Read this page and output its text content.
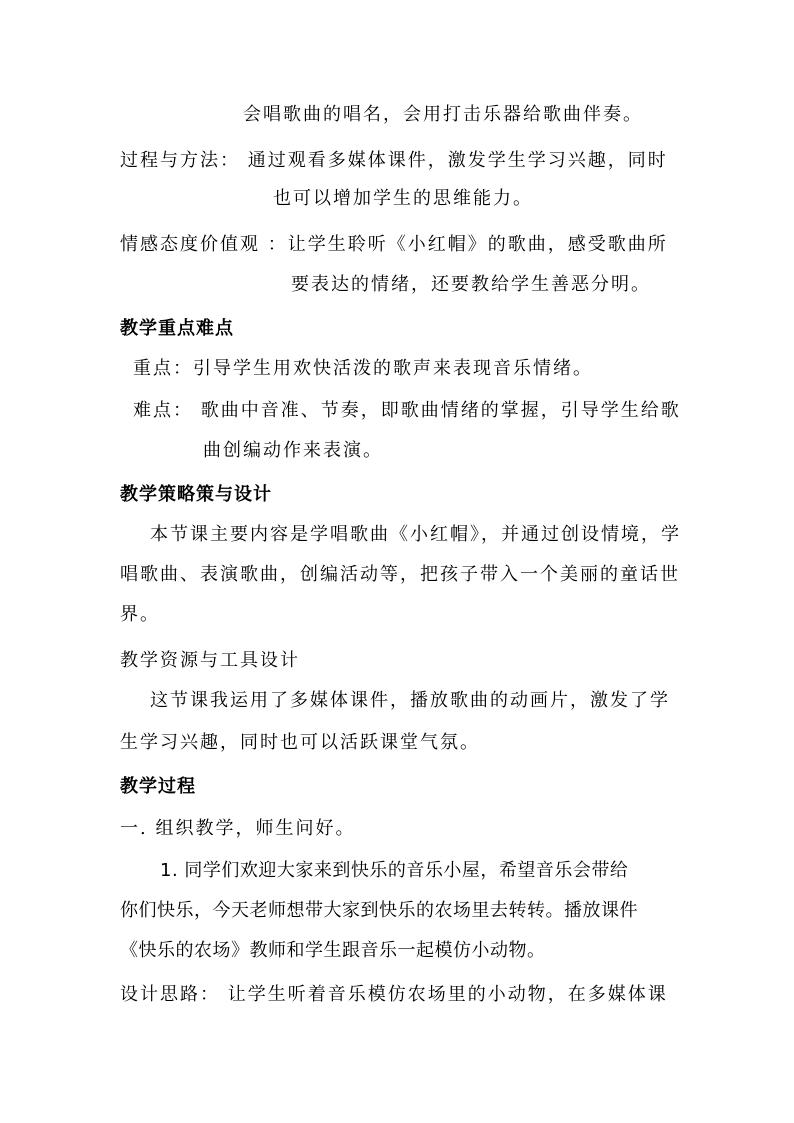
会唱歌曲的唱名，会用打击乐器给歌曲伴奏。
过程与方法： 通过观看多媒体课件，激发学生学习兴趣，同时
也可以增加学生的思维能力。
情感态度价值观 ：让学生聆听《小红帽》的歌曲，感受歌曲所
要表达的情绪，还要教给学生善恶分明。
教学重点难点
重点：引导学生用欢快活泼的歌声来表现音乐情绪。
难点： 歌曲中音准、节奏，即歌曲情绪的掌握，引导学生给歌
曲创编动作来表演。
教学策略策与设计
本节课主要内容是学唱歌曲《小红帽》，并通过创设情境，学
唱歌曲、表演歌曲，创编活动等，把孩子带入一个美丽的童话世
界。
教学资源与工具设计
这节课我运用了多媒体课件，播放歌曲的动画片，激发了学
生学习兴趣，同时也可以活跃课堂气氛。
教学过程
一. 组织教学，师生问好。
1. 同学们欢迎大家来到快乐的音乐小屋，希望音乐会带给
你们快乐，今天老师想带大家到快乐的农场里去转转。播放课件
《快乐的农场》教师和学生跟音乐一起模仿小动物。
设计思路： 让学生听着音乐模仿农场里的小动物，在多媒体课
